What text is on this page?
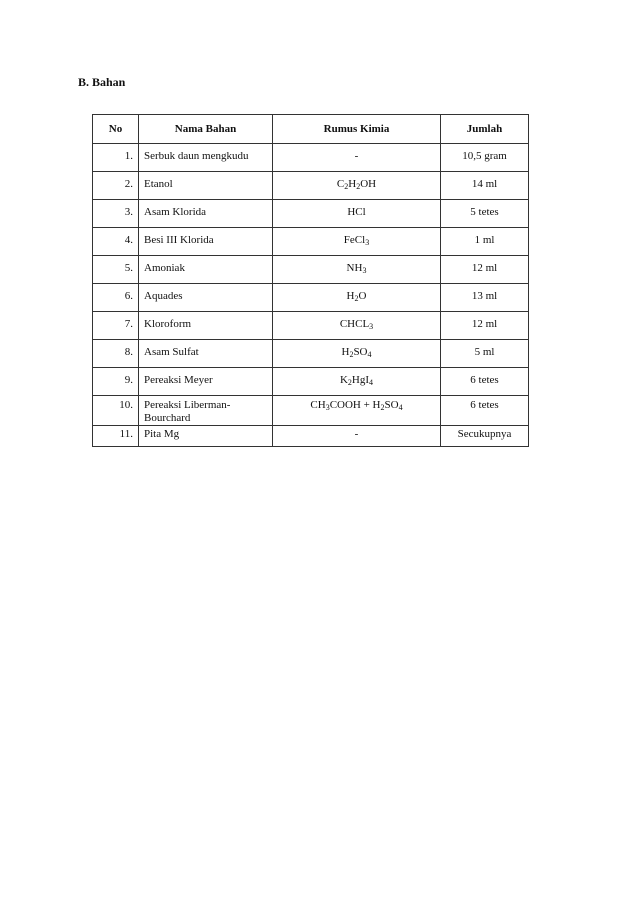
B. Bahan

No	Nama Bahan	Rumus Kimia	Jumlah
1.	Serbuk daun mengkudu	-	10,5 gram
2.	Etanol	$C_2H_2OH$	14 ml
3.	Asam Klorida	HCl	5 tetes
4.	Besi III Klorida	FeCl$_3$	1 ml
5.	Amoniak	$NH_3$	12 ml
6.	Aquades	$H_2O$	13 ml
7.	Kloroform	$CHCL_3$	12 ml
8.	Asam Sulfat	$H_2SO_4$	5 ml
9.	Pereaksi Meyer	$K_2HgI_4$	6 tetes
10.	Pereaksi Liberman-Bourchard	$CH_3COOH + H_2SO_4$	6 tetes
11.	Pita Mg	-	Secukupnya
